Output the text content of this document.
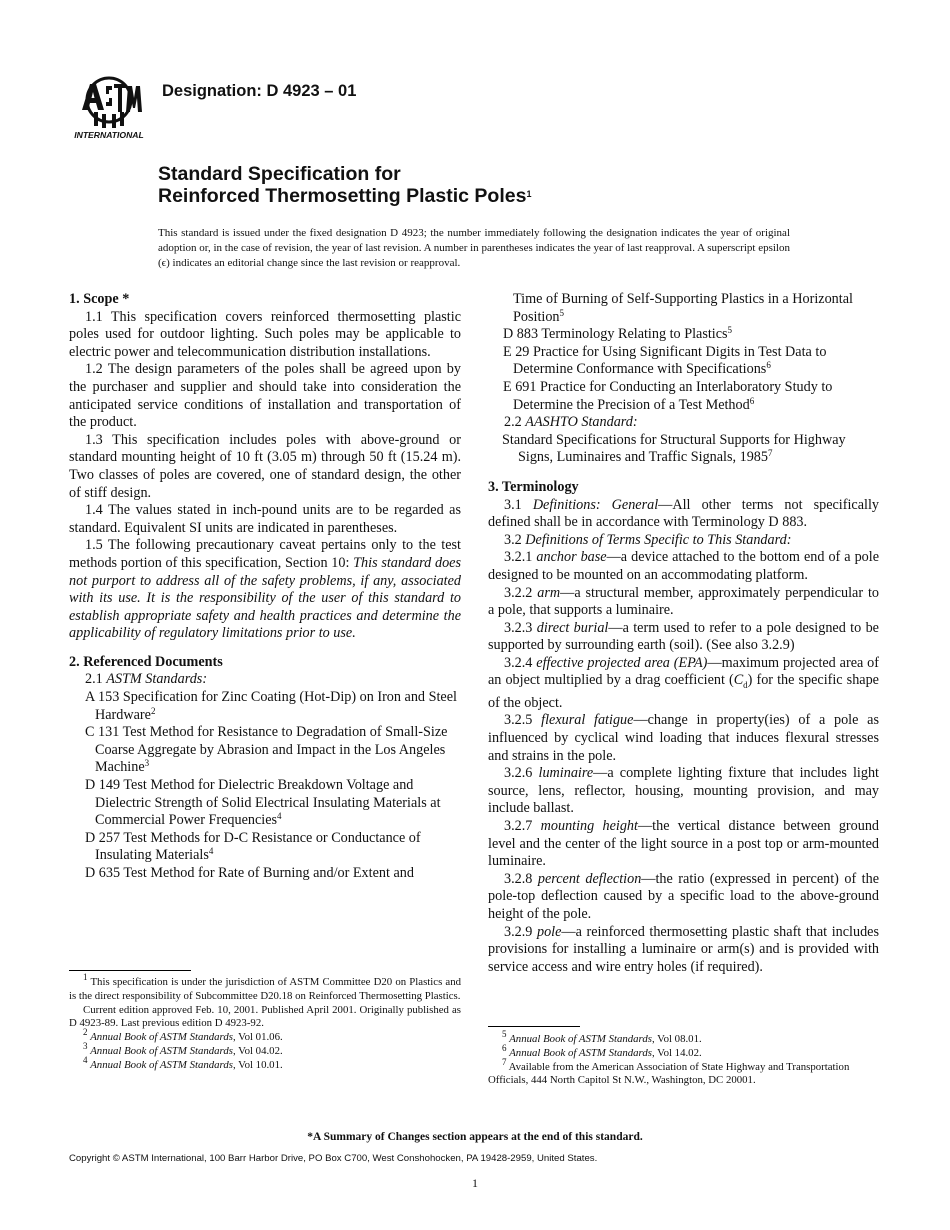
INTERNATIONAL
Designation: D 4923 – 01
Standard Specification for
Reinforced Thermosetting Plastic Poles$^1$
This standard is issued under the fixed designation D 4923; the number immediately following the designation indicates the year of original adoption or, in the case of revision, the year of last revision. A number in parentheses indicates the year of last reapproval. A superscript epsilon (ϵ) indicates an editorial change since the last revision or reapproval.

1. Scope *

1.1 This specification covers reinforced thermosetting plastic poles used for outdoor lighting. Such poles may be applicable to electric power and telecommunication distribution installations.

1.2 The design parameters of the poles shall be agreed upon by the purchaser and supplier and should take into consideration the anticipated service conditions of installation and transportation of the product.

1.3 This specification includes poles with above-ground or standard mounting height of 10 ft (3.05 m) through 50 ft (15.24 m). Two classes of poles are covered, one of standard design, the other of stiff design.

1.4 The values stated in inch-pound units are to be regarded as standard. Equivalent SI units are indicated in parentheses.

1.5 The following precautionary caveat pertains only to the test methods portion of this specification, Section 10: This standard does not purport to address all of the safety problems, if any, associated with its use. It is the responsibility of the user of this standard to establish appropriate safety and health practices and determine the applicability of regulatory limitations prior to use.

2. Referenced Documents

2.1 ASTM Standards:

A 153 Specification for Zinc Coating (Hot-Dip) on Iron and Steel Hardware$^2$

C 131 Test Method for Resistance to Degradation of Small-Size Coarse Aggregate by Abrasion and Impact in the Los Angeles Machine$^3$

D 149 Test Method for Dielectric Breakdown Voltage and Dielectric Strength of Solid Electrical Insulating Materials at Commercial Power Frequencies$^4$

D 257 Test Methods for D-C Resistance or Conductance of Insulating Materials$^4$

D 635 Test Method for Rate of Burning and/or Extent and

$^1$ This specification is under the jurisdiction of ASTM Committee D20 on Plastics and is the direct responsibility of Subcommittee D20.18 on Reinforced Thermosetting Plastics.

Current edition approved Feb. 10, 2001. Published April 2001. Originally published as D 4923-89. Last previous edition D 4923-92.

$^2$ Annual Book of ASTM Standards, Vol 01.06.

$^3$ Annual Book of ASTM Standards, Vol 04.02.

$^4$ Annual Book of ASTM Standards, Vol 10.01.

Time of Burning of Self-Supporting Plastics in a Horizontal Position$^5$

D 883 Terminology Relating to Plastics$^5$

E 29 Practice for Using Significant Digits in Test Data to Determine Conformance with Specifications$^6$

E 691 Practice for Conducting an Interlaboratory Study to Determine the Precision of a Test Method$^6$

2.2 AASHTO Standard:

Standard Specifications for Structural Supports for Highway Signs, Luminaires and Traffic Signals, 1985$^7$

3. Terminology

3.1 Definitions: General—All other terms not specifically defined shall be in accordance with Terminology D 883.

3.2 Definitions of Terms Specific to This Standard:

3.2.1 anchor base—a device attached to the bottom end of a pole designed to be mounted on an accommodating platform.

3.2.2 arm—a structural member, approximately perpendicular to a pole, that supports a luminaire.

3.2.3 direct burial—a term used to refer to a pole designed to be supported by surrounding earth (soil). (See also 3.2.9)

3.2.4 effective projected area (EPA)—maximum projected area of an object multiplied by a drag coefficient $(C_d)$ for the specific shape of the object.

3.2.5 flexural fatigue—change in property(ies) of a pole as influenced by cyclical wind loading that induces flexural stresses and strains in the pole.

3.2.6 luminaire—a complete lighting fixture that includes light source, lens, reflector, housing, mounting provision, and may include ballast.

3.2.7 mounting height—the vertical distance between ground level and the center of the light source in a post top or arm-mounted luminaire.

3.2.8 percent deflection—the ratio (expressed in percent) of the pole-top deflection caused by a specific load to the above-ground height of the pole.

3.2.9 pole—a reinforced thermosetting plastic shaft that includes provisions for installing a luminaire or arm(s) and is provided with service access and wire entry holes (if required).

$^5$ Annual Book of ASTM Standards, Vol 08.01.

$^6$ Annual Book of ASTM Standards, Vol 14.02.

$^7$ Available from the American Association of State Highway and Transportation Officials, 444 North Capitol St N.W., Washington, DC 20001.

*A Summary of Changes section appears at the end of this standard.
Copyright © ASTM International, 100 Barr Harbor Drive, PO Box C700, West Conshohocken, PA 19428-2959, United States.
1
